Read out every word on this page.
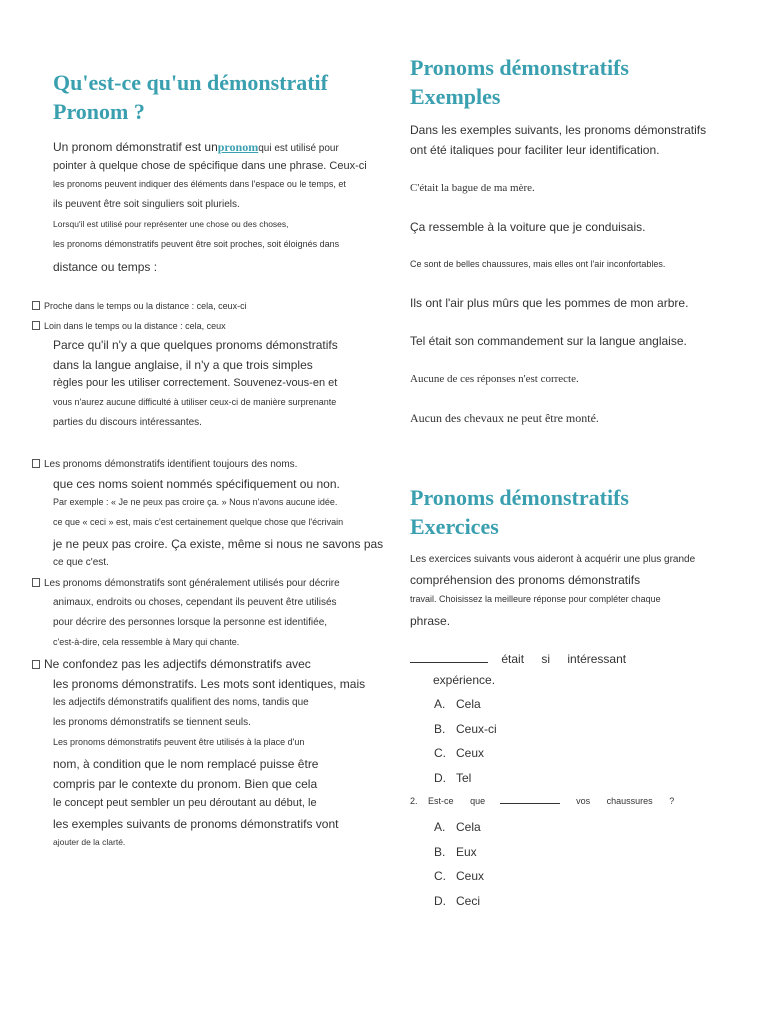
Qu'est-ce qu'un démonstratif
Pronom ?
Un pronom démonstratif est unpronomqui est utilisé pour
pointer à quelque chose de spécifique dans une phrase. Ceux-ci
les pronoms peuvent indiquer des éléments dans l'espace ou le temps, et
ils peuvent être soit singuliers soit pluriels.
Lorsqu'il est utilisé pour représenter une chose ou des choses,
les pronoms démonstratifs peuvent être soit proches, soit éloignés dans
distance ou temps :
Proche dans le temps ou la distance : cela, ceux-ci
Loin dans le temps ou la distance : cela, ceux
Parce qu'il n'y a que quelques pronoms démonstratifs
dans la langue anglaise, il n'y a que trois simples
règles pour les utiliser correctement. Souvenez-vous-en et
vous n'aurez aucune difficulté à utiliser ceux-ci de manière surprenante
parties du discours intéressantes.
Les pronoms démonstratifs identifient toujours des noms.
que ces noms soient nommés spécifiquement ou non.
Par exemple : « Je ne peux pas croire ça. » Nous n'avons aucune idée.
ce que « ceci » est, mais c'est certainement quelque chose que l'écrivain
je ne peux pas croire. Ça existe, même si nous ne savons pas
ce que c'est.
Les pronoms démonstratifs sont généralement utilisés pour décrire
animaux, endroits ou choses, cependant ils peuvent être utilisés
pour décrire des personnes lorsque la personne est identifiée,
c'est-à-dire, cela ressemble à Mary qui chante.
Ne confondez pas les adjectifs démonstratifs avec
les pronoms démonstratifs. Les mots sont identiques, mais
les adjectifs démonstratifs qualifient des noms, tandis que
les pronoms démonstratifs se tiennent seuls.
Les pronoms démonstratifs peuvent être utilisés à la place d'un
nom, à condition que le nom remplacé puisse être
compris par le contexte du pronom. Bien que cela
le concept peut sembler un peu déroutant au début, le
les exemples suivants de pronoms démonstratifs vont
ajouter de la clarté.
Pronoms démonstratifs
Exemples
Dans les exemples suivants, les pronoms démonstratifs
ont été italiques pour faciliter leur identification.
C'était la bague de ma mère.
Ça ressemble à la voiture que je conduisais.
Ce sont de belles chaussures, mais elles ont l'air inconfortables.
Ils ont l'air plus mûrs que les pommes de mon arbre.
Tel était son commandement sur la langue anglaise.
Aucune de ces réponses n'est correcte.
Aucun des chevaux ne peut être monté.
Pronoms démonstratifs
Exercices
Les exercices suivants vous aideront à acquérir une plus grande
compréhension des pronoms démonstratifs
travail. Choisissez la meilleure réponse pour compléter chaque
phrase.
était si intéressant
expérience.
A. Cela
B. Ceux-ci
C. Ceux
D. Tel
2. Est-ce que	vos chaussures ?
A. Cela
B. Eux
C. Ceux
D. Ceci
